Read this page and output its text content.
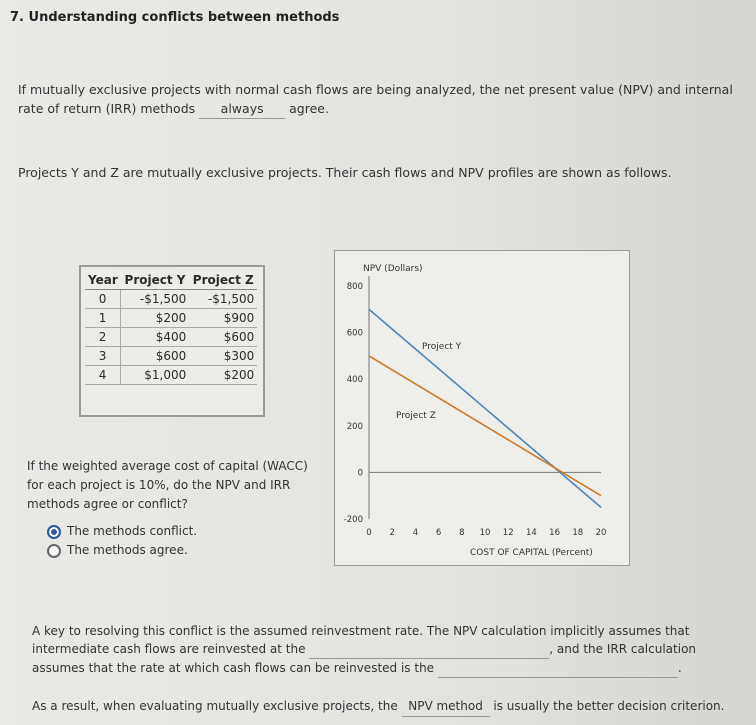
7. Understanding conflicts between methods
If mutually exclusive projects with normal cash flows are being analyzed, the net present value (NPV) and internal
rate of return (IRR) methods always agree.
Projects Y and Z are mutually exclusive projects. Their cash flows and NPV profiles are shown as follows.
Year	Project Y	Project Z
0	-$1,500	-$1,500
1	$200	$900
2	$400	$600
3	$600	$300
4	$1,000	$200
If the weighted average cost of capital (WACC)
for each project is 10%, do the NPV and IRR
methods agree or conflict?
The methods conflict.
The methods agree.
NPV (Dollars)
COST OF CAPITAL (Percent)
800
600
400
200
0
-200
0 2 4 6 8 10 12 14 16 18 20
Project Y
Project Z
A key to resolving this conflict is the assumed reinvestment rate. The NPV calculation implicitly assumes that
intermediate cash flows are reinvested at the	, and the IRR calculation
assumes that the rate at which cash flows can be reinvested is the	.
As a result, when evaluating mutually exclusive projects, the NPV method is usually the better decision criterion.
